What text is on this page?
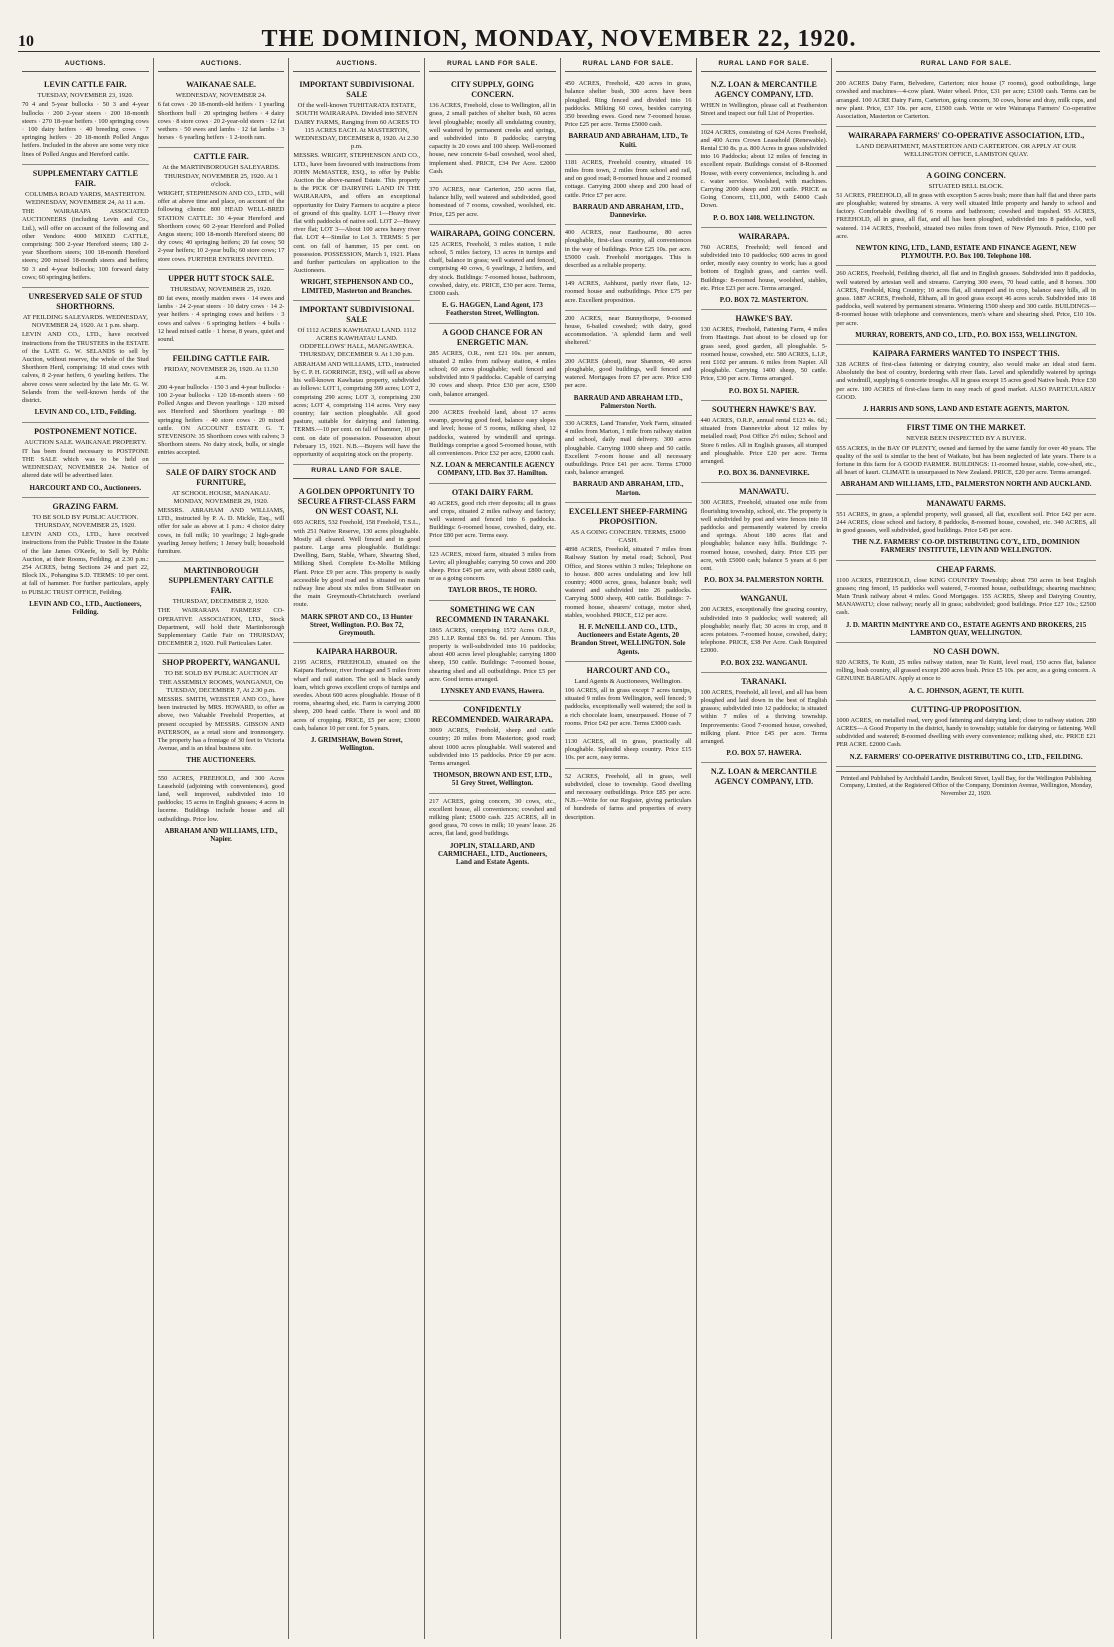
10	THE DOMINION, MONDAY, NOVEMBER 22, 1920.
AUCTIONS.
LEVIN CATTLE FAIR.
TUESDAY, NOVEMBER 23, 1920.
70 4 and 5-year bullocks · 50 3 and 4-year bullocks · 200 2-year steers · 200 18-month steers · 270 18-year heifers · 100 springing cows · 100 dairy heifers · 40 breeding cows · 7 springing heifers · 20 18-month Polled Angus heifers. Included in the above are some very nice lines of Polled Angus and Hereford cattle.
SUPPLEMENTARY CATTLE FAIR.
COLUMBA ROAD YARDS, MASTERTON. WEDNESDAY, NOVEMBER 24, At 11 a.m.
THE WAIRARAPA ASSOCIATED AUCTIONEERS (including Levin and Co., Ltd.), will offer on account of the following and other Vendors: 4000 MIXED CATTLE, comprising: 500 2-year Hereford steers; 180 2-year Shorthorn steers; 100 18-month Hereford steers; 200 mixed 18-month steers and heifers; 50 3 and 4-year bullocks; 100 forward dairy cows; 60 springing heifers.
UNRESERVED SALE OF STUD SHORTHORNS.
AT FEILDING SALEYARDS. WEDNESDAY, NOVEMBER 24, 1920. At 1 p.m. sharp.
LEVIN AND CO., LTD., have received instructions from the TRUSTEES in the ESTATE of the LATE G. W. SELANDS to sell by Auction, without reserve, the whole of the Stud Shorthorn Herd, comprising: 18 stud cows with calves, 8 2-year heifers, 6 yearling heifers. The above cows were selected by the late Mr. G. W. Selands from the well-known herds of the district.
LEVIN AND CO., LTD., Feilding.
POSTPONEMENT NOTICE.
AUCTION SALE. WAIKANAE PROPERTY.
IT has been found necessary to POSTPONE THE SALE which was to be held on WEDNESDAY, NOVEMBER 24. Notice of altered date will be advertised later.
HARCOURT AND CO., Auctioneers.
GRAZING FARM.
TO BE SOLD BY PUBLIC AUCTION. THURSDAY, NOVEMBER 25, 1920.
LEVIN AND CO., LTD., have received instructions from the Public Trustee in the Estate of the late James O'Keefe, to Sell by Public Auction, at their Rooms, Feilding, at 2.30 p.m.: 254 ACRES, being Sections 24 and part 22, Block IX., Pohangina S.D. TERMS: 10 per cent. at fall of hammer. For further particulars, apply to PUBLIC TRUST OFFICE, Feilding.
LEVIN AND CO., LTD., Auctioneers, Feilding.
AUCTIONS.
WAIKANAE SALE.
WEDNESDAY, NOVEMBER 24.
6 fat cows · 20 18-month-old heifers · 1 yearling Shorthorn bull · 20 springing heifers · 4 dairy cows · 8 store cows · 20 2-year-old steers · 12 fat wethers · 50 ewes and lambs · 12 fat lambs · 3 horses · 6 yearling heifers · 1 2-tooth ram.
CATTLE FAIR.
At the MARTINBOROUGH SALEYARDS. THURSDAY, NOVEMBER 25, 1920. At 1 o'clock.
WRIGHT, STEPHENSON AND CO., LTD., will offer at above time and place, on account of the following clients: 800 HEAD WELL-BRED STATION CATTLE: 30 4-year Hereford and Shorthorn cows; 60 2-year Hereford and Polled Angus steers; 100 18-month Hereford steers; 80 dry cows; 40 springing heifers; 20 fat cows; 50 2-year heifers; 10 2-year bulls; 60 store cows; 17 store cows. FURTHER ENTRIES INVITED.
UPPER HUTT STOCK SALE.
THURSDAY, NOVEMBER 25, 1920.
80 fat ewes, mostly maiden ewes · 14 ewes and lambs · 24 2-year steers · 10 dairy cows · 14 2-year heifers · 4 springing cows and heifers · 3 cows and calves · 6 springing heifers · 4 bulls · 12 head mixed cattle · 1 horse, 8 years, quiet and sound.
FEILDING CATTLE FAIR.
FRIDAY, NOVEMBER 26, 1920. At 11.30 a.m.
200 4-year bullocks · 150 3 and 4-year bullocks · 100 2-year bullocks · 120 18-month steers · 60 Polled Angus and Devon yearlings · 120 mixed sex Hereford and Shorthorn yearlings · 80 springing heifers · 40 store cows · 20 mixed cattle. ON ACCOUNT ESTATE G. T. STEVENSON: 35 Shorthorn cows with calves; 3 Shorthorn steers. No dairy stock, bulls, or single entries accepted.
SALE OF DAIRY STOCK AND FURNITURE,
AT SCHOOL HOUSE, MANAKAU. MONDAY, NOVEMBER 29, 1920.
MESSRS. ABRAHAM AND WILLIAMS, LTD., instructed by P. A. D. Mickle, Esq., will offer for sale as above at 1 p.m.: 4 choice dairy cows, in full milk; 10 yearlings; 2 high-grade yearling Jersey heifers; 1 Jersey bull; household furniture.
MARTINBOROUGH SUPPLEMENTARY CATTLE FAIR.
THURSDAY, DECEMBER 2, 1920.
THE WAIRARAPA FARMERS' CO-OPERATIVE ASSOCIATION, LTD., Stock Department, will hold their Martinborough Supplementary Cattle Fair on THURSDAY, DECEMBER 2, 1920. Full Particulars Later.
SHOP PROPERTY, WANGANUI.
TO BE SOLD BY PUBLIC AUCTION AT THE ASSEMBLY ROOMS, WANGANUI, On TUESDAY, DECEMBER 7, At 2.30 p.m.
MESSRS. SMITH, WEBSTER AND CO., have been instructed by MRS. HOWARD, to offer as above, two Valuable Freehold Properties, at present occupied by MESSRS. GIBSON AND PATERSON, as a retail store and ironmongery. The property has a frontage of 30 feet to Victoria Avenue, and is an ideal business site.
THE AUCTIONEERS.
550 ACRES, FREEHOLD, and 300 Acres Leasehold (adjoining with conveniences), good land, well improved, subdivided into 10 paddocks; 15 acres in English grasses; 4 acres in lucerne. Buildings include house and all outbuildings. Price low.
ABRAHAM AND WILLIAMS, LTD., Napier.
AUCTIONS.
IMPORTANT SUBDIVISIONAL SALE
Of the well-known TUHITARATA ESTATE, SOUTH WAIRARAPA. Divided into SEVEN DAIRY FARMS, Ranging from 60 ACRES TO 115 ACRES EACH. At MASTERTON, WEDNESDAY, DECEMBER 8, 1920. At 2.30 p.m.
MESSRS. WRIGHT, STEPHENSON AND CO., LTD., have been favoured with instructions from JOHN McMASTER, ESQ., to offer by Public Auction the above-named Estate. This property is the PICK OF DAIRYING LAND IN THE WAIRARAPA, and offers an exceptional opportunity for Dairy Farmers to acquire a piece of ground of this quality. LOT 1—Heavy river flat with paddocks of native soil. LOT 2—Heavy river flat; LOT 3—About 100 acres heavy river flat. LOT 4—Similar to Lot 3. TERMS: 5 per cent. on fall of hammer, 15 per cent. on possession. POSSESSION, March 1, 1921. Plans and further particulars on application to the Auctioneers.
WRIGHT, STEPHENSON AND CO., LIMITED, Masterton and Branches.
IMPORTANT SUBDIVISIONAL SALE
Of 1112 ACRES KAWHATAU LAND. 1112 ACRES KAWHATAU LAND. ODDFELLOWS' HALL, MANGAWEKA. THURSDAY, DECEMBER 9. At 1.30 p.m.
ABRAHAM AND WILLIAMS, LTD., instructed by C. P. H. GORRINGE, ESQ., will sell as above his well-known Kawhatau property, subdivided as follows: LOT 1, comprising 399 acres; LOT 2, comprising 290 acres; LOT 3, comprising 230 acres; LOT 4, comprising 114 acres. Very easy country; fair section ploughable. All good pasture, suitable for dairying and fattening. TERMS.—10 per cent. on fall of hammer, 10 per cent. on date of possession. Possession about February 15, 1921. N.B.—Buyers will have the opportunity of acquiring stock on the property.
RURAL LAND FOR SALE.
A GOLDEN OPPORTUNITY TO SECURE A FIRST-CLASS FARM ON WEST COAST, N.I.
693 ACRES, 532 Freehold, 158 Freehold, T.S.L., with 251 Native Reserve, 130 acres ploughable. Mostly all cleared. Well fenced and in good pasture. Large area ploughable. Buildings: Dwelling, Barn, Stable, Whare, Shearing Shed, Milking Shed. Complete Ex-Mollie Milking Plant. Price £9 per acre. This property is easily accessible by good road and is situated on main railway line about six miles from Stillwater on the main Greymouth-Christchurch overland route.
MARK SPROT AND CO., 13 Hunter Street, Wellington. P.O. Box 72, Greymouth.
KAIPARA HARBOUR.
2195 ACRES, FREEHOLD, situated on the Kaipara Harbour, river frontage and 5 miles from wharf and rail station. The soil is black sandy loam, which grows excellent crops of turnips and swedes. About 600 acres ploughable. House of 8 rooms, shearing shed, etc. Farm is carrying 2000 sheep, 200 head cattle. There is wool and 80 acres of cropping. PRICE, £5 per acre; £3000 cash, balance 10 per cent. for 5 years.
J. GRIMSHAW, Bowen Street, Wellington.
RURAL LAND FOR SALE.
CITY SUPPLY, GOING CONCERN.
136 ACRES, Freehold, close to Wellington, all in grass, 2 small patches of shelter bush, 60 acres level ploughable; mostly all undulating country, well watered by permanent creeks and springs, and subdivided into 8 paddocks; carrying capacity is 20 cows and 100 sheep. Well-roomed house, new concrete 6-bail cowshed, wool shed, implement shed. PRICE, £34 Per Acre. £2000 Cash.
370 ACRES, near Carterton, 250 acres flat, balance hilly, well watered and subdivided, good homestead of 7 rooms, cowshed, woolshed, etc. Price, £25 per acre.
WAIRARAPA, GOING CONCERN.
125 ACRES, Freehold, 3 miles station, 1 mile school, 5 miles factory, 13 acres in turnips and chaff, balance in grass; well watered and fenced, comprising 40 cows, 6 yearlings, 2 heifers, and dry stock. Buildings: 7-roomed house, bathroom, cowshed, dairy, etc. PRICE, £30 per acre. Terms, £3000 cash.
E. G. HAGGEN, Land Agent, 173 Featherston Street, Wellington.
A GOOD CHANCE FOR AN ENERGETIC MAN.
285 ACRES, O.R., rent £21 10s. per annum, situated 2 miles from railway station, 4 miles school; 60 acres ploughable; well fenced and subdivided into 9 paddocks. Capable of carrying 30 cows and sheep. Price £30 per acre, £500 cash, balance arranged.
200 ACRES freehold land, about 17 acres swamp, growing good feed, balance easy slopes and level; house of 5 rooms, milking shed, 12 paddocks, watered by windmill and springs. Buildings comprise a good 5-roomed house, with all conveniences. Price £32 per acre, £2000 cash.
N.Z. LOAN & MERCANTILE AGENCY COMPANY, LTD. Box 37. Hamilton.
OTAKI DAIRY FARM.
40 ACRES, good rich river deposits; all in grass and crops, situated 2 miles railway and factory; well watered and fenced into 6 paddocks. Buildings: 6-roomed house, cowshed, dairy, etc. Price £80 per acre. Terms easy.
123 ACRES, mixed farm, situated 3 miles from Levin; all ploughable; carrying 50 cows and 200 sheep. Price £45 per acre, with about £800 cash, or as a going concern.
TAYLOR BROS., TE HORO.
SOMETHING WE CAN RECOMMEND IN TARANAKI.
1865 ACRES, comprising 1572 Acres O.R.P., 293 L.I.P. Rental £83 9s. 6d. per Annum. This property is well-subdivided into 16 paddocks; about 400 acres level ploughable; carrying 1800 sheep, 150 cattle. Buildings: 7-roomed house, shearing shed and all outbuildings. Price £5 per acre. Good terms arranged.
LYNSKEY AND EVANS, Hawera.
CONFIDENTLY RECOMMENDED. WAIRARAPA.
3069 ACRES, Freehold, sheep and cattle country; 20 miles from Masterton; good road; about 1000 acres ploughable. Well watered and subdivided into 15 paddocks. Price £9 per acre. Terms arranged.
THOMSON, BROWN AND EST, LTD., 51 Grey Street, Wellington.
217 ACRES, going concern, 30 cows, etc., excellent house, all conveniences; cowshed and milking plant; £5000 cash. 225 ACRES, all in good grass, 70 cows in milk; 10 years' lease. 26 acres, flat land, good buildings.
JOPLIN, STALLARD, AND CARMICHAEL, LTD., Auctioneers, Land and Estate Agents.
RURAL LAND FOR SALE.
450 ACRES, Freehold, 420 acres in grass, balance shelter bush, 300 acres have been ploughed. Ring fenced and divided into 16 paddocks. Milking 60 cows, besides carrying 350 breeding ewes. Good new 7-roomed house. Price £25 per acre. Terms £5000 cash.
BARRAUD AND ABRAHAM, LTD., Te Kuiti.
1181 ACRES, Freehold country, situated 16 miles from town, 2 miles from school and rail, and on good road; 8-roomed house and 2 roomed cottage. Carrying 2000 sheep and 200 head of cattle. Price £7 per acre.
BARRAUD AND ABRAHAM, LTD., Dannevirke.
400 ACRES, near Eastbourne, 80 acres ploughable, first-class country, all conveniences in the way of buildings. Price £25 10s. per acre. £5000 cash. Freehold mortgages. This is described as a reliable property.
149 ACRES, Ashhurst, partly river flats, 12-roomed house and outbuildings. Price £75 per acre. Excellent proposition.
200 ACRES, near Bunnythorpe, 9-roomed house, 6-bailed cowshed; with dairy, good accommodation. 'A splendid farm and well sheltered.'
200 ACRES (about), near Shannon, 40 acres ploughable, good buildings, well fenced and watered. Mortgages from £7 per acre. Price £30 per acre.
BARRAUD AND ABRAHAM LTD., Palmerston North.
330 ACRES, Land Transfer, York Farm, situated 4 miles from Marton, 1 mile from railway station and school, daily mail delivery. 300 acres ploughable. Carrying 1000 sheep and 50 cattle. Excellent 7-room house and all necessary outbuildings. Price £41 per acre. Terms £7000 cash, balance arranged.
BARRAUD AND ABRAHAM, LTD., Marton.
EXCELLENT SHEEP-FARMING PROPOSITION.
AS A GOING CONCERN. TERMS, £5000 CASH.
4898 ACRES, Freehold, situated 7 miles from Railway Station by metal road; School, Post Office, and Stores within 3 miles; Telephone on to house. 800 acres undulating and low hill country; 4000 acres, grass, balance bush; well watered and subdivided into 26 paddocks. Carrying 5000 sheep, 400 cattle. Buildings: 7-roomed house, shearers' cottage, motor shed, stables, woolshed. PRICE, £12 per acre.
H. F. McNEILL AND CO., LTD., Auctioneers and Estate Agents, 20 Brandon Street, WELLINGTON. Sole Agents.
HARCOURT AND CO.,
Land Agents & Auctioneers, Wellington.
106 ACRES, all in grass except 7 acres turnips, situated 9 miles from Wellington, well fenced; 9 paddocks, exceptionally well watered; the soil is a rich chocolate loam, unsurpassed. House of 7 rooms. Price £42 per acre. Terms £3000 cash.
1130 ACRES, all in grass, practically all ploughable. Splendid sheep country. Price £15 10s. per acre, easy terms.
52 ACRES, Freehold, all in grass, well subdivided, close to township. Good dwelling and necessary outbuildings. Price £85 per acre. N.B.—Write for our Register, giving particulars of hundreds of farms and properties of every description.
RURAL LAND FOR SALE.
N.Z. LOAN & MERCANTILE AGENCY COMPANY, LTD.
WHEN in Wellington, please call at Featherston Street and inspect our full List of Properties.
1024 ACRES, consisting of 624 Acres Freehold, and 400 Acres Crown Leasehold (Renewable). Rental £30 8s. p.a. 800 Acres in grass subdivided into 16 Paddocks; about 12 miles of fencing in excellent repair. Buildings consist of 8-Roomed House, with every convenience, including h. and c. water service. Woolshed, with machines. Carrying 2000 sheep and 200 cattle. PRICE as Going Concern, £11,000, with £4000 Cash Down.
P. O. BOX 1408. WELLINGTON.
WAIRARAPA.
760 ACRES, Freehold; well fenced and subdivided into 10 paddocks; 600 acres in good order, mostly easy country to work; has a good bottom of English grass, and carries well. Buildings: 8-roomed house, woolshed, stables, etc. Price £23 per acre. Terms arranged.
P.O. BOX 72. MASTERTON.
HAWKE'S BAY.
130 ACRES, Freehold, Fattening Farm, 4 miles from Hastings. Just about to be closed up for grass seed, good garden, all ploughable. 5-roomed house, cowshed, etc. 580 ACRES, L.I.P., rent £102 per annum. 6 miles from Napier. All ploughable. Carrying 1400 sheep, 50 cattle. Price, £30 per acre. Terms arranged.
P.O. BOX 51. NAPIER.
SOUTHERN HAWKE'S BAY.
440 ACRES, O.R.P., annual rental £123 4s. 6d.; situated from Dannevirke about 12 miles by metalled road; Post Office 2½ miles; School and Store 6 miles. All in English grasses, all stumped and ploughable. Price £20 per acre. Terms arranged.
P.O. BOX 36. DANNEVIRKE.
MANAWATU.
300 ACRES, Freehold, situated one mile from flourishing township, school, etc. The property is well subdivided by post and wire fences into 18 paddocks and permanently watered by creeks and springs. About 180 acres flat and ploughable; balance easy hills. Buildings: 7-roomed house, cowshed, dairy. Price £35 per acre, with £5000 cash; balance 5 years at 6 per cent.
P.O. BOX 34. PALMERSTON NORTH.
WANGANUI.
200 ACRES, exceptionally fine grazing country, subdivided into 9 paddocks; well watered; all ploughable; nearly flat; 30 acres in crop, and 8 acres potatoes. 7-roomed house, cowshed, dairy; telephone. PRICE, £38 Per Acre. Cash Required £2000.
P.O. BOX 232. WANGANUI.
TARANAKI.
100 ACRES, Freehold, all level, and all has been ploughed and laid down in the best of English grasses; subdivided into 12 paddocks; is situated within 7 miles of a thriving township. Improvements: Good 7-roomed house, cowshed, milking plant. Price £45 per acre. Terms arranged.
P.O. BOX 57. HAWERA.
N.Z. LOAN & MERCANTILE AGENCY COMPANY, LTD.
RURAL LAND FOR SALE.
200 ACRES Dairy Farm, Belvedere, Carterton; nice house (7 rooms), good outbuildings, large cowshed and machines—4-cow plant. Water wheel. Price, £31 per acre; £3100 cash. Terms can be arranged. 100 ACRE Dairy Farm, Carterton, going concern, 30 cows, horse and dray, milk cups, and new plant. Price, £37 10s. per acre, £1500 cash. Write or wire Wairarapa Farmers' Co-operative Association, Masterton or Carterton.
WAIRARAPA FARMERS' CO-OPERATIVE ASSOCIATION, LTD.,
LAND DEPARTMENT, MASTERTON AND CARTERTON. OR APPLY AT OUR WELLINGTON OFFICE, LAMBTON QUAY.
A GOING CONCERN.
SITUATED BELL BLOCK.
51 ACRES, FREEHOLD, all in grass with exception 5 acres bush; more than half flat and three parts are ploughable; watered by streams. A very well situated little property and handy to school and factory. Comfortable dwelling of 6 rooms and bathroom; cowshed and trapshed. 95 ACRES, FREEHOLD, all in grass, all flat, and all has been ploughed, subdivided into 8 paddocks, well watered. 114 ACRES, Freehold, situated two miles from town of New Plymouth. Price, £100 per acre.
NEWTON KING, LTD., LAND, ESTATE AND FINANCE AGENT, NEW PLYMOUTH. P.O. Box 100. Telephone 108.
260 ACRES, Freehold, Feilding district, all flat and in English grasses. Subdivided into 8 paddocks, well watered by artesian well and streams. Carrying 300 ewes, 70 head cattle, and 8 horses. 300 ACRES, Freehold, King Country; 10 acres flat, all stumped and in crop, balance easy hills, all in grass. 1887 ACRES, Freehold, Eltham, all in good grass except 46 acres scrub. Subdivided into 18 paddocks, well watered by permanent streams. Wintering 1500 sheep and 300 cattle. BUILDINGS—8-roomed house with telephone and conveniences, men's whare and shearing shed. Price, £10 10s. per acre.
MURRAY, ROBERTS, AND CO., LTD., P.O. BOX 1553, WELLINGTON.
KAIPARA FARMERS WANTED TO INSPECT THIS.
328 ACRES of first-class fattening or dairying country, also would make an ideal stud farm. Absolutely the best of country, bordering with river flats. Level and splendidly watered by springs and windmill, supplying 6 concrete troughs. All in grass except 15 acres good Native bush. Price £30 per acre. 180 ACRES of first-class farm in easy reach of good market. ALSO PARTICULARLY GOOD.
J. HARRIS AND SONS, LAND AND ESTATE AGENTS, MARTON.
FIRST TIME ON THE MARKET.
NEVER BEEN INSPECTED BY A BUYER.
655 ACRES, in the BAY OF PLENTY, owned and farmed by the same family for over 40 years. The quality of the soil is similar to the best of Waikato, but has been neglected of late years. There is a fortune in this farm for A GOOD FARMER. BUILDINGS: 11-roomed house, stable, cow-shed, etc., all heart of kauri. CLIMATE is unsurpassed in New Zealand. PRICE, £20 per acre. Terms arranged.
ABRAHAM AND WILLIAMS, LTD., PALMERSTON NORTH AND AUCKLAND.
MANAWATU FARMS.
551 ACRES, in grass, a splendid property, well grassed, all flat, excellent soil. Price £42 per acre. 244 ACRES, close school and factory, 8 paddocks, 8-roomed house, cowshed, etc. 340 ACRES, all in good grasses, well subdivided, good buildings. Price £45 per acre.
THE N.Z. FARMERS' CO-OP. DISTRIBUTING CO'Y., LTD., DOMINION FARMERS' INSTITUTE, LEVIN AND WELLINGTON.
CHEAP FARMS.
1100 ACRES, FREEHOLD, close KING COUNTRY Township; about 750 acres in best English grasses; ring fenced, 15 paddocks well watered, 7-roomed house, outbuildings; shearing machines; Main Trunk railway about 4 miles. Good Mortgages. 155 ACRES, Sheep and Dairying Country, MANAWATU; close railway; nearly all in grass; subdivided; good buildings. Price £27 10s.; £2500 cash.
J. D. MARTIN McINTYRE AND CO., ESTATE AGENTS AND BROKERS, 215 LAMBTON QUAY, WELLINGTON.
NO CASH DOWN.
920 ACRES, Te Kuiti, 25 miles railway station, near Te Kuiti, level road, 150 acres flat, balance rolling, bush country, all grassed except 200 acres bush. Price £5 10s. per acre, as a going concern. A GENUINE BARGAIN. Apply at once to
A. C. JOHNSON, AGENT, TE KUITI.
CUTTING-UP PROPOSITION.
1000 ACRES, on metalled road, very good fattening and dairying land; close to railway station. 280 ACRES—A Good Property in the district, handy to township; suitable for dairying or fattening. Well subdivided and watered; 8-roomed dwelling with every convenience; milking shed, etc. PRICE £21 PER ACRE. £2000 Cash.
N.Z. FARMERS' CO-OPERATIVE DISTRIBUTING CO., LTD., FEILDING.
Printed and Published by Archibald Landin, Boulcott Street, Lyall Bay, for the Wellington Publishing Company, Limited, at the Registered Office of the Company, Dominion Avenue, Wellington, Monday, November 22, 1920.
